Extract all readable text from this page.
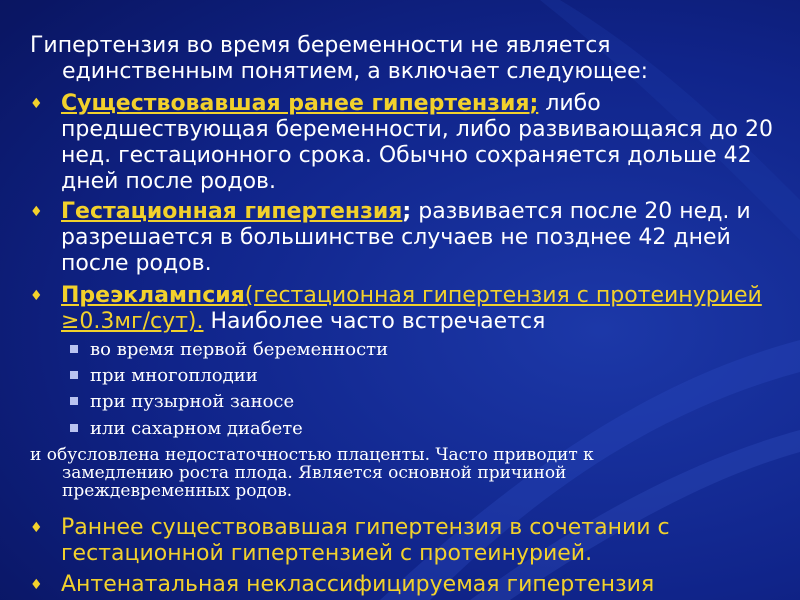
Гипертензия во время беременности не является
единственным понятием, а включает следующее:
♦ Существовавшая ранее гипертензия; либо предшествующая беременности, либо развивающаяся до 20 нед. гестационного срока. Обычно сохраняется дольше 42 дней после родов.
♦ Гестационная гипертензия; развивается после 20 нед. и разрешается в большинстве случаев не позднее 42 дней после родов.
♦ Преэклампсия(гестационная гипертензия с протеинурией ≥0.3мг/сут). Наиболее часто встречается
во время первой беременности
при многоплодии
при пузырной заносе
или сахарном диабете
и обусловлена недостаточностью плаценты. Часто приводит к
замедлению роста плода. Является основной причиной
преждевременных родов.
♦ Раннее существовавшая гипертензия в сочетании с гестационной гипертензией с протеинурией.
♦ Антенатальная неклассифицируемая гипертензия
